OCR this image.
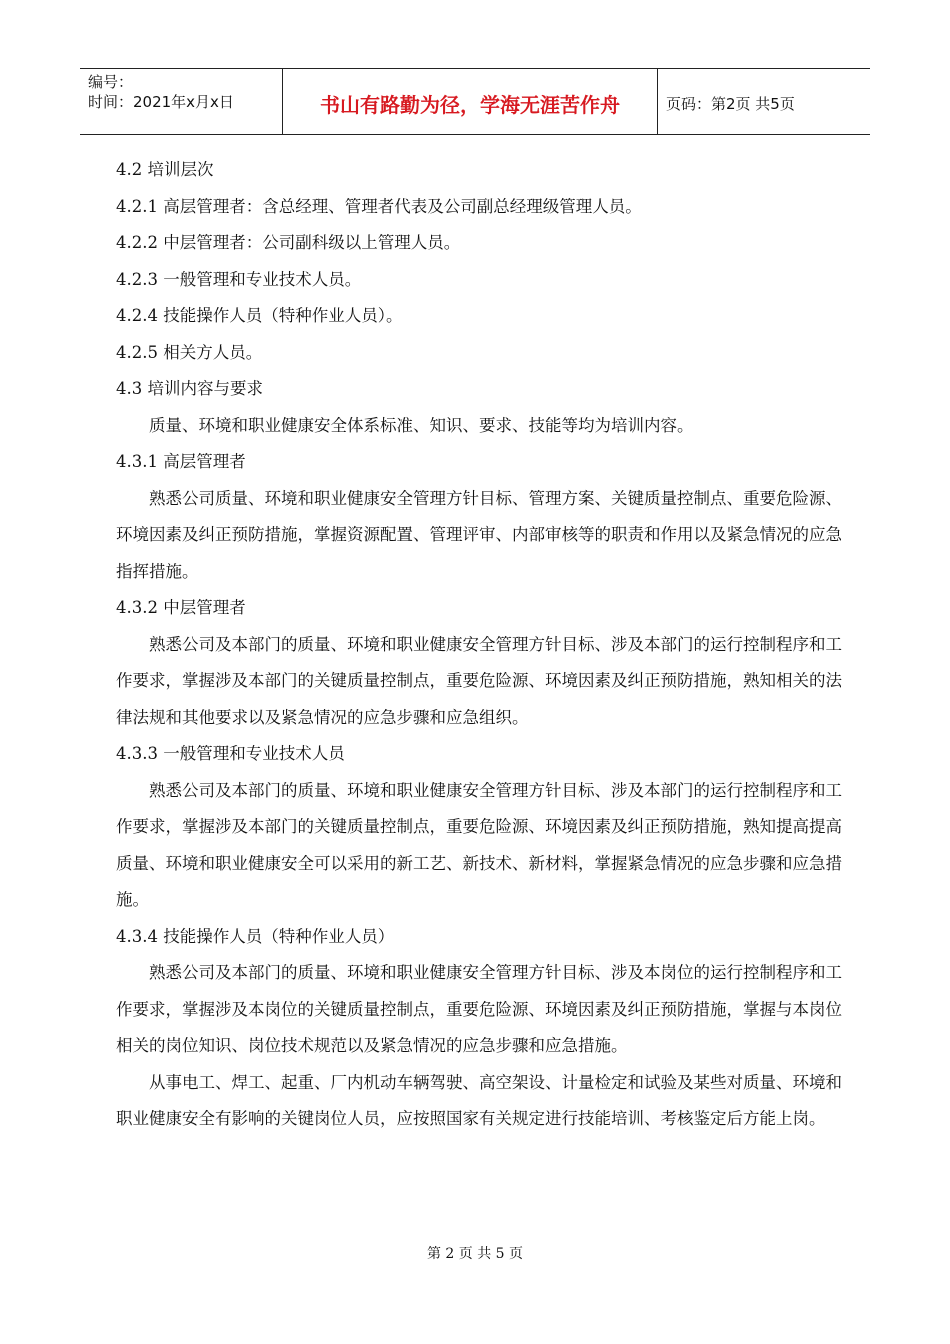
编号：
时间：2021年x月x日	书山有路勤为径，学海无涯苦作舟	页码：第2页 共5页

4.2 培训层次

4.2.1 高层管理者：含总经理、管理者代表及公司副总经理级管理人员。

4.2.2 中层管理者：公司副科级以上管理人员。

4.2.3 一般管理和专业技术人员。

4.2.4 技能操作人员（特种作业人员）。

4.2.5 相关方人员。

4.3 培训内容与要求

质量、环境和职业健康安全体系标准、知识、要求、技能等均为培训内容。

4.3.1 高层管理者

熟悉公司质量、环境和职业健康安全管理方针目标、管理方案、关键质量控制点、重要危险源、环境因素及纠正预防措施，掌握资源配置、管理评审、内部审核等的职责和作用以及紧急情况的应急指挥措施。

4.3.2 中层管理者

熟悉公司及本部门的质量、环境和职业健康安全管理方针目标、涉及本部门的运行控制程序和工作要求，掌握涉及本部门的关键质量控制点，重要危险源、环境因素及纠正预防措施，熟知相关的法律法规和其他要求以及紧急情况的应急步骤和应急组织。

4.3.3 一般管理和专业技术人员

熟悉公司及本部门的质量、环境和职业健康安全管理方针目标、涉及本部门的运行控制程序和工作要求，掌握涉及本部门的关键质量控制点，重要危险源、环境因素及纠正预防措施，熟知提高提高质量、环境和职业健康安全可以采用的新工艺、新技术、新材料，掌握紧急情况的应急步骤和应急措施。

4.3.4 技能操作人员（特种作业人员）

熟悉公司及本部门的质量、环境和职业健康安全管理方针目标、涉及本岗位的运行控制程序和工作要求，掌握涉及本岗位的关键质量控制点，重要危险源、环境因素及纠正预防措施，掌握与本岗位相关的岗位知识、岗位技术规范以及紧急情况的应急步骤和应急措施。

从事电工、焊工、起重、厂内机动车辆驾驶、高空架设、计量检定和试验及某些对质量、环境和职业健康安全有影响的关键岗位人员，应按照国家有关规定进行技能培训、考核鉴定后方能上岗。

第 2 页 共 5 页
